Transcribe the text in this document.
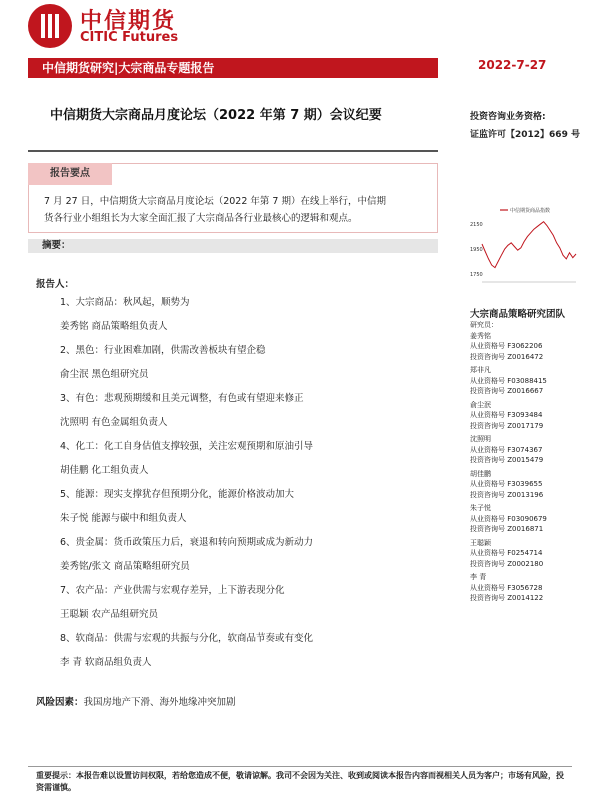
中信期货
CITIC Futures
中信期货研究|大宗商品专题报告	2022-7-27
中信期货大宗商品月度论坛（2022 年第 7 期）会议纪要	投资咨询业务资格:
证监许可【2012】669 号
报告要点
7 月 27 日，中信期货大宗商品月度论坛（2022 年第 7 期）在线上举行，中信期
货各行业小组组长为大家全面汇报了大宗商品各行业最核心的逻辑和观点。
摘要：
报告人：
1、大宗商品：秋风起，顺势为
姜秀铭 商品策略组负责人
2、黑色：行业困难加剧，供需改善板块有望企稳
俞尘泯 黑色组研究员
3、有色：悲观预期缓和且美元调整，有色或有望迎来修正
沈照明 有色金属组负责人
4、化工：化工自身估值支撑较强，关注宏观预期和原油引导
胡佳鹏 化工组负责人
5、能源：现实支撑犹存但预期分化，能源价格波动加大
朱子悦 能源与碳中和组负责人
6、贵金属：货币政策压力后，衰退和转向预期或成为新动力
姜秀铭/张文 商品策略组研究员
7、农产品：产业供需与宏观存差异，上下游表现分化
王聪颖 农产品组研究员
8、软商品：供需与宏观的共振与分化，软商品节奏或有变化
李 青 软商品组负责人
风险因素：我国房地产下滑、海外地缘冲突加剧
重要提示：本报告难以设置访问权限，若给您造成不便，敬请谅解。我司不会因为关注、收到或阅读本报告内容而视相关人员为客户；市场有风险，投资需谨慎。
中信期货商品指数
2150
1950
1750
大宗商品策略研究团队
研究员：
姜秀铭
从业资格号 F3062206
投资咨询号 Z0016472
郑非凡
从业资格号 F03088415
投资咨询号 Z0016667
俞尘泯
从业资格号 F3093484
投资咨询号 Z0017179
沈照明
从业资格号 F3074367
投资咨询号 Z0015479
胡佳鹏
从业资格号 F3039655
投资咨询号 Z0013196
朱子悦
从业资格号 F03090679
投资咨询号 Z0016871
王聪颖
从业资格号 F0254714
投资咨询号 Z0002180
李 青
从业资格号 F3056728
投资咨询号 Z0014122
